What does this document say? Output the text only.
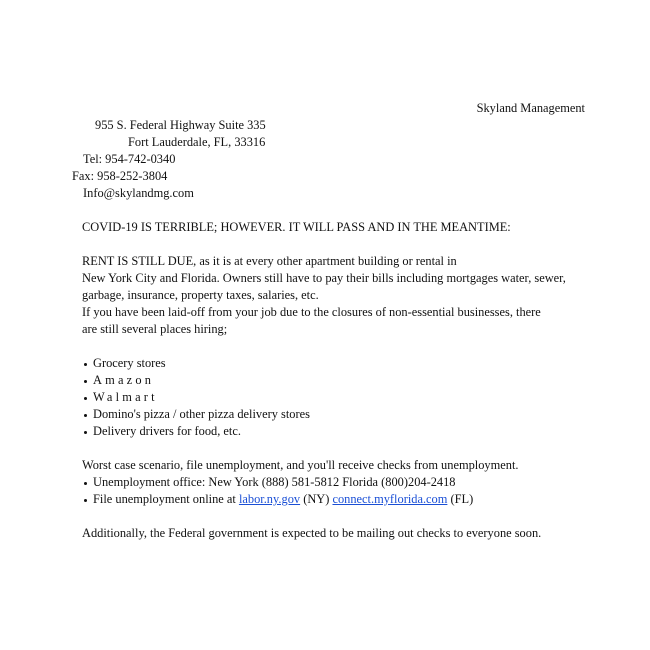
Skyland Management
955 S. Federal Highway Suite 335
Fort Lauderdale, FL, 33316
Tel: 954-742-0340
Fax: 958-252-3804
Info@skylandmg.com

COVID-19 IS TERRIBLE; HOWEVER. IT WILL PASS AND IN THE MEANTIME:

RENT IS STILL DUE, as it is at every other apartment building or rental in

New York City and Florida. Owners still have to pay their bills including mortgages water, sewer,

garbage, insurance, property taxes, salaries, etc.

If you have been laid-off from your job due to the closures of non-essential businesses, there

are still several places hiring;

Grocery stores
Amazon
Walmart
Domino's pizza / other pizza delivery stores
Delivery drivers for food, etc.

Worst case scenario, file unemployment, and you'll receive checks from unemployment.

Unemployment office: New York (888) 581-5812 Florida (800)204-2418
File unemployment online at labor.ny.gov (NY) connect.myflorida.com (FL)

Additionally, the Federal government is expected to be mailing out checks to everyone soon.
